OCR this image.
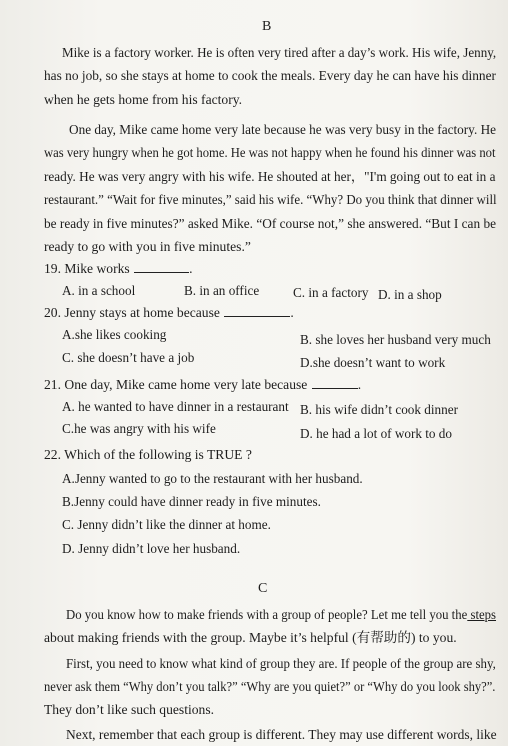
B
Mike is a factory worker. He is often very tired after a day’s work. His wife, Jenny,
has no job, so she stays at home to cook the meals. Every day he can have his dinner
when he gets home from his factory.
One day, Mike came home very late because he was very busy in the factory. He
was very hungry when he got home. He was not happy when he found his dinner was not
ready. He was very angry with his wife. He shouted at her，"I'm going out to eat in a
restaurant.” “Wait for five minutes,” said his wife. “Why? Do you think that dinner will
be ready in five minutes?” asked Mike. “Of course not,” she answered. “But I can be
ready to go with you in five minutes.”
19. Mike works	.
A. in a school	B. in an office	C. in a factory D. in a shop
20. Jenny stays at home because	.
A.she likes cooking	B. she loves her husband very much
C. she doesn’t have a job	D.she doesn’t want to work
21. One day, Mike came home very late because	.
A. he wanted to have dinner in a restaurant B. his wife didn’t cook dinner
C.he was angry with his wife	D. he had a lot of work to do
22. Which of the following is TRUE ?
A.Jenny wanted to go to the restaurant with her husband.
B.Jenny could have dinner ready in five minutes.
C. Jenny didn’t like the dinner at home.
D. Jenny didn’t love her husband.
C
Do you know how to make friends with a group of people? Let me tell you the steps
about making friends with the group. Maybe it’s helpful (有帮助的) to you.
First, you need to know what kind of group they are. If people of the group are shy,
never ask them “Why don’t you talk?” “Why are you quiet?” or “Why do you look shy?”.
They don’t like such questions.
Next, remember that each group is different. They may use different words, like
